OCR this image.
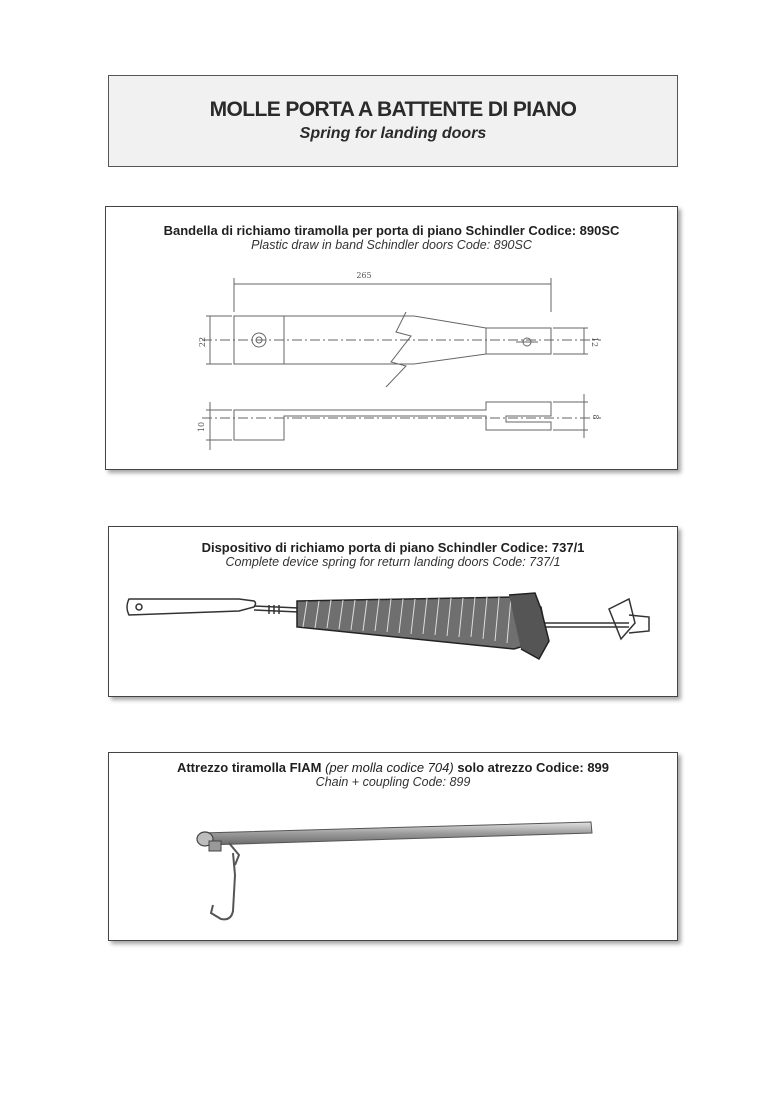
MOLLE PORTA A BATTENTE DI PIANO
Spring for landing doors
Bandella di richiamo tiramolla per porta di piano Schindler Codice: 890SC
Plastic draw in band Schindler doors Code: 890SC
265
22	12
10
8
Dispositivo di richiamo porta di piano Schindler Codice: 737/1
Complete device spring for return landing doors Code: 737/1
Attrezzo tiramolla FIAM (per molla codice 704) solo atrezzo Codice: 899
Chain + coupling Code: 899
